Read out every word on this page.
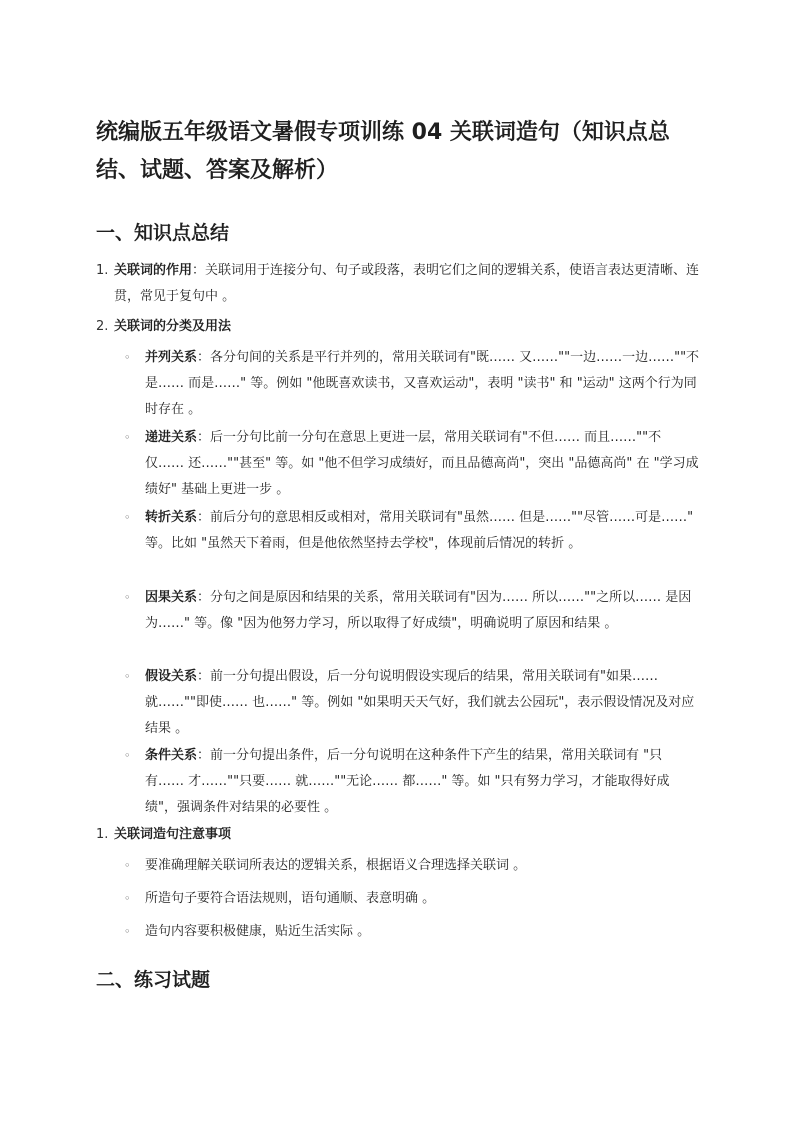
统编版五年级语文暑假专项训练 04 关联词造句（知识点总结、试题、答案及解析）
一、知识点总结
1. 关联词的作用：关联词用于连接分句、句子或段落，表明它们之间的逻辑关系，使语言表达更清晰、连贯，常见于复句中 。
2. 关联词的分类及用法
◦ 并列关系：各分句间的关系是平行并列的，常用关联词有"既…… 又……""一边……一边……""不是…… 而是……" 等。例如 "他既喜欢读书，又喜欢运动"，表明 "读书" 和 "运动" 这两个行为同时存在 。
◦ 递进关系：后一分句比前一分句在意思上更进一层，常用关联词有"不但…… 而且……""不仅…… 还……""甚至" 等。如 "他不但学习成绩好，而且品德高尚"，突出 "品德高尚" 在 "学习成绩好" 基础上更进一步 。
◦ 转折关系：前后分句的意思相反或相对，常用关联词有"虽然…… 但是……""尽管……可是……" 等。比如 "虽然天下着雨，但是他依然坚持去学校"，体现前后情况的转折 。
◦ 因果关系：分句之间是原因和结果的关系，常用关联词有"因为…… 所以……""之所以…… 是因为……" 等。像 "因为他努力学习，所以取得了好成绩"，明确说明了原因和结果 。
◦ 假设关系：前一分句提出假设，后一分句说明假设实现后的结果，常用关联词有"如果…… 就……""即使…… 也……" 等。例如 "如果明天天气好，我们就去公园玩"，表示假设情况及对应结果 。
◦ 条件关系：前一分句提出条件，后一分句说明在这种条件下产生的结果，常用关联词有 "只有…… 才……""只要…… 就……""无论…… 都……" 等。如 "只有努力学习，才能取得好成绩"，强调条件对结果的必要性 。
1. 关联词造句注意事项
◦ 要准确理解关联词所表达的逻辑关系，根据语义合理选择关联词 。
◦ 所造句子要符合语法规则，语句通顺、表意明确 。
◦ 造句内容要积极健康，贴近生活实际 。
二、练习试题
